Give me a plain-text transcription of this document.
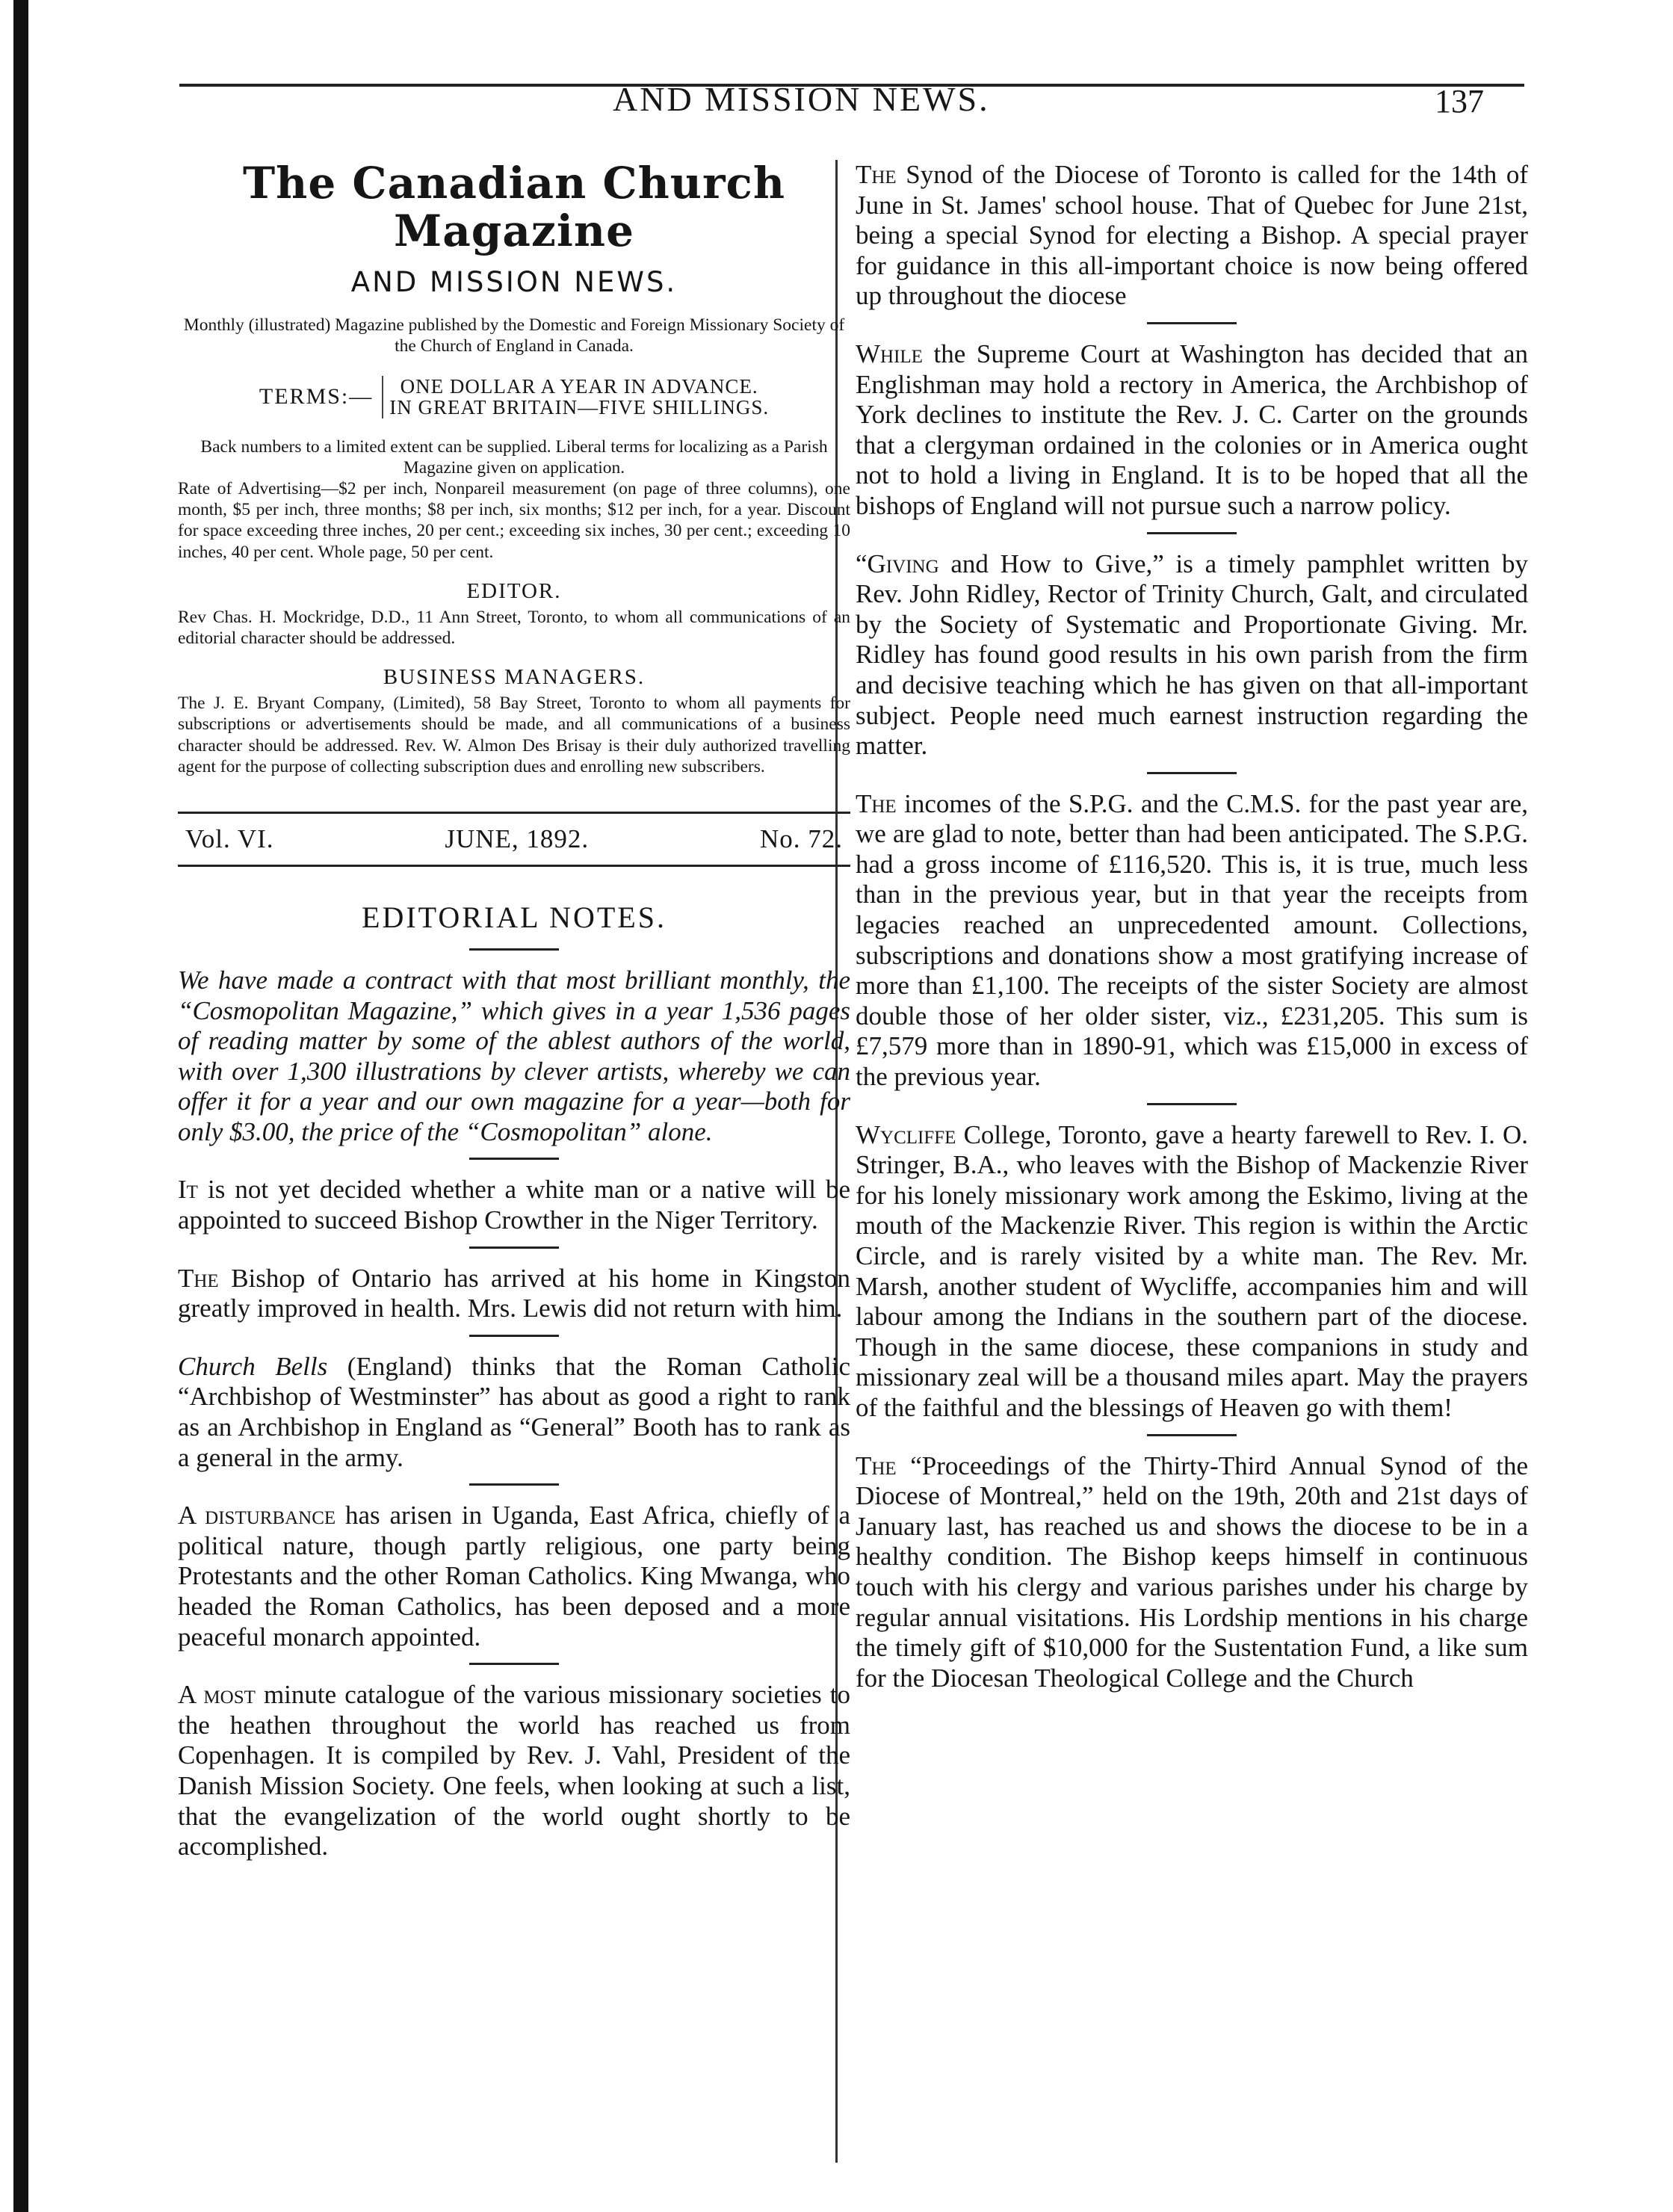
AND MISSION NEWS.	137
The Canadian Church Magazine
AND MISSION NEWS.
Monthly (illustrated) Magazine published by the Domestic and Foreign Missionary Society of the Church of England in Canada.
TERMS:—	ONE DOLLAR A YEAR IN ADVANCE.
IN GREAT BRITAIN—FIVE SHILLINGS.
Back numbers to a limited extent can be supplied. Liberal terms for localizing as a Parish Magazine given on application.
Rate of Advertising—$2 per inch, Nonpareil measurement (on page of three columns), one month, $5 per inch, three months; $8 per inch, six months; $12 per inch, for a year. Discount for space exceeding three inches, 20 per cent.; exceeding six inches, 30 per cent.; exceeding 10 inches, 40 per cent. Whole page, 50 per cent.
EDITOR.
Rev Chas. H. Mockridge, D.D., 11 Ann Street, Toronto, to whom all communications of an editorial character should be addressed.
BUSINESS MANAGERS.
The J. E. Bryant Company, (Limited), 58 Bay Street, Toronto to whom all payments for subscriptions or advertisements should be made, and all communications of a business character should be addressed. Rev. W. Almon Des Brisay is their duly authorized travelling agent for the purpose of collecting subscription dues and enrolling new subscribers.
Vol. VI.	JUNE, 1892.	No. 72.
EDITORIAL NOTES.

We have made a contract with that most brilliant monthly, the “Cosmopolitan Magazine,” which gives in a year 1,536 pages of reading matter by some of the ablest authors of the world, with over 1,300 illustrations by clever artists, whereby we can offer it for a year and our own magazine for a year—both for only $3.00, the price of the “Cosmopolitan” alone.

It is not yet decided whether a white man or a native will be appointed to succeed Bishop Crowther in the Niger Territory.

The Bishop of Ontario has arrived at his home in Kingston greatly improved in health. Mrs. Lewis did not return with him.

Church Bells (England) thinks that the Roman Catholic “Archbishop of Westminster” has about as good a right to rank as an Archbishop in England as “General” Booth has to rank as a general in the army.

A disturbance has arisen in Uganda, East Africa, chiefly of a political nature, though partly religious, one party being Protestants and the other Roman Catholics. King Mwanga, who headed the Roman Catholics, has been deposed and a more peaceful monarch appointed.

A most minute catalogue of the various missionary societies to the heathen throughout the world has reached us from Copenhagen. It is compiled by Rev. J. Vahl, President of the Danish Mission Society. One feels, when looking at such a list, that the evangelization of the world ought shortly to be accomplished.

The Synod of the Diocese of Toronto is called for the 14th of June in St. James' school house. That of Quebec for June 21st, being a special Synod for electing a Bishop. A special prayer for guidance in this all-important choice is now being offered up throughout the diocese

While the Supreme Court at Washington has decided that an Englishman may hold a rectory in America, the Archbishop of York declines to institute the Rev. J. C. Carter on the grounds that a clergyman ordained in the colonies or in America ought not to hold a living in England. It is to be hoped that all the bishops of England will not pursue such a narrow policy.

“Giving and How to Give,” is a timely pamphlet written by Rev. John Ridley, Rector of Trinity Church, Galt, and circulated by the Society of Systematic and Proportionate Giving. Mr. Ridley has found good results in his own parish from the firm and decisive teaching which he has given on that all-important subject. People need much earnest instruction regarding the matter.

The incomes of the S.P.G. and the C.M.S. for the past year are, we are glad to note, better than had been anticipated. The S.P.G. had a gross income of £116,520. This is, it is true, much less than in the previous year, but in that year the receipts from legacies reached an unprecedented amount. Collections, subscriptions and donations show a most gratifying increase of more than £1,100. The receipts of the sister Society are almost double those of her older sister, viz., £231,205. This sum is £7,579 more than in 1890-91, which was £15,000 in excess of the previous year.

Wycliffe College, Toronto, gave a hearty farewell to Rev. I. O. Stringer, B.A., who leaves with the Bishop of Mackenzie River for his lonely missionary work among the Eskimo, living at the mouth of the Mackenzie River. This region is within the Arctic Circle, and is rarely visited by a white man. The Rev. Mr. Marsh, another student of Wycliffe, accompanies him and will labour among the Indians in the southern part of the diocese. Though in the same diocese, these companions in study and missionary zeal will be a thousand miles apart. May the prayers of the faithful and the blessings of Heaven go with them!

The “Proceedings of the Thirty-Third Annual Synod of the Diocese of Montreal,” held on the 19th, 20th and 21st days of January last, has reached us and shows the diocese to be in a healthy condition. The Bishop keeps himself in continuous touch with his clergy and various parishes under his charge by regular annual visitations. His Lordship mentions in his charge the timely gift of $10,000 for the Sustentation Fund, a like sum for the Diocesan Theological College and the Church
